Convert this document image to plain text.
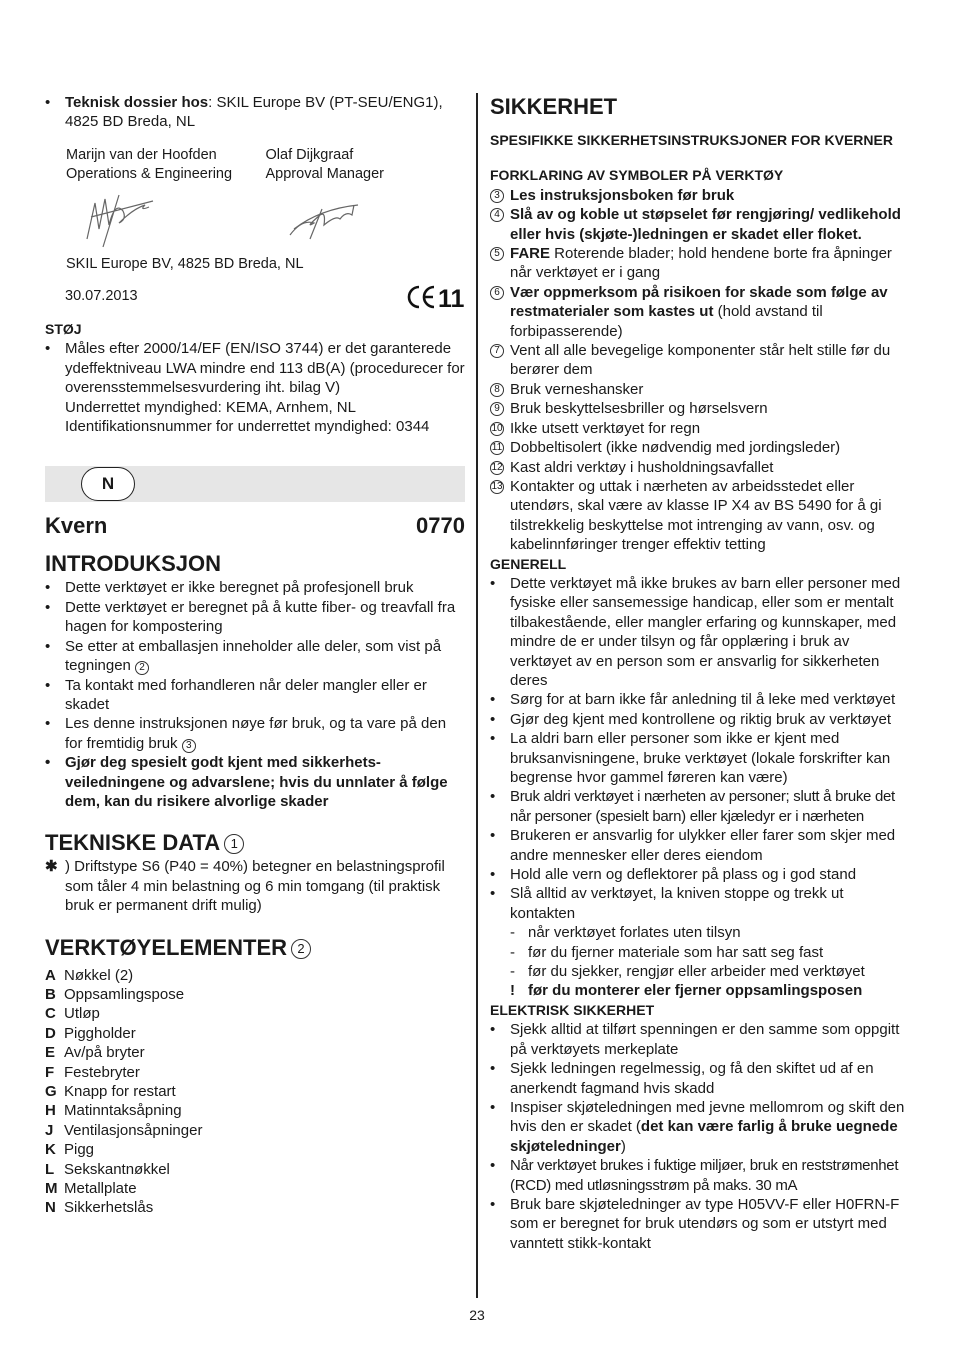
• Teknisk dossier hos: SKIL Europe BV (PT-SEU/ENG1), 4825 BD Breda, NL
Marijn van der Hoofden
Operations & Engineering
Olaf Dijkgraaf
Approval Manager
SKIL Europe BV, 4825 BD Breda, NL
30.07.2013	11
STØJ
• Måles efter 2000/14/EF (EN/ISO 3744) er det garanterede ydeffektniveau LWA mindre end 113 dB(A) (procedurecer for overensstemmelsesvurdering iht. bilag V)
Underrettet myndighed: KEMA, Arnhem, NL
Identifikationsnummer for underrettet myndighed: 0344
N
Kvern	0770
INTRODUKSJON
• Dette verktøyet er ikke beregnet på profesjonell bruk
• Dette verktøyet er beregnet på å kutte fiber- og treavfall fra hagen for kompostering
• Se etter at emballasjen inneholder alle deler, som vist på tegningen 2
• Ta kontakt med forhandleren når deler mangler eller er skadet
• Les denne instruksjonen nøye før bruk, og ta vare på den for fremtidig bruk 3
• Gjør deg spesielt godt kjent med sikkerhets-veiledningene og advarslene; hvis du unnlater å følge dem, kan du risikere alvorlige skader
TEKNISKE DATA 1
✱ ) Driftstype S6 (P40 = 40%) betegner en belastningsprofil som tåler 4 min belastning og 6 min tomgang (til praktisk bruk er permanent drift mulig)
VERKTØYELEMENTER 2
A Nøkkel (2)
B Oppsamlingspose
C Utløp
D Piggholder
E Av/på bryter
F Festebryter
G Knapp for restart
H Matinntaksåpning
J Ventilasjonsåpninger
K Pigg
L Sekskantnøkkel
M Metallplate
N Sikkerhetslås
SIKKERHET
SPESIFIKKE SIKKERHETSINSTRUKSJONER FOR KVERNER
FORKLARING AV SYMBOLER PÅ VERKTØY
3 Les instruksjonsboken før bruk
4 Slå av og koble ut støpselet før rengjøring/ vedlikehold eller hvis (skjøte-)ledningen er skadet eller floket.
5 FARE Roterende blader; hold hendene borte fra åpninger når verktøyet er i gang
6 Vær oppmerksom på risikoen for skade som følge av restmaterialer som kastes ut (hold avstand til forbipasserende)
7 Vent all alle bevegelige komponenter står helt stille før du berører dem
8 Bruk verneshansker
9 Bruk beskyttelsesbriller og hørselsvern
10 Ikke utsett verktøyet for regn
11 Dobbeltisolert (ikke nødvendig med jordingsleder)
12 Kast aldri verktøy i husholdningsavfallet
13 Kontakter og uttak i nærheten av arbeidsstedet eller utendørs, skal være av klasse IP X4 av BS 5490 for å gi tilstrekkelig beskyttelse mot intrenging av vann, osv. og kabelinnføringer trenger effektiv tetting
GENERELL
• Dette verktøyet må ikke brukes av barn eller personer med fysiske eller sansemessige handicap, eller som er mentalt tilbakestående, eller mangler erfaring og kunnskaper, med mindre de er under tilsyn og får opplæring i bruk av verktøyet av en person som er ansvarlig for sikkerheten deres
• Sørg for at barn ikke får anledning til å leke med verktøyet
• Gjør deg kjent med kontrollene og riktig bruk av verktøyet
• La aldri barn eller personer som ikke er kjent med bruksanvisningene, bruke verktøyet (lokale forskrifter kan begrense hvor gammel føreren kan være)
• Bruk aldri verktøyet i nærheten av personer; slutt å bruke det når personer (spesielt barn) eller kjæledyr er i nærheten
• Brukeren er ansvarlig for ulykker eller farer som skjer med andre mennesker eller deres eiendom
• Hold alle vern og deflektorer på plass og i god stand
• Slå alltid av verktøyet, la kniven stoppe og trekk ut kontakten
- når verktøyet forlates uten tilsyn
- før du fjerner materiale som har satt seg fast
- før du sjekker, rengjør eller arbeider med verktøyet
! før du monterer eler fjerner oppsamlingsposen
ELEKTRISK SIKKERHET
• Sjekk alltid at tilført spenningen er den samme som oppgitt på verktøyets merkeplate
• Sjekk ledningen regelmessig, og få den skiftet ud af en anerkendt fagmand hvis skadd
• Inspiser skjøteledningen med jevne mellomrom og skift den hvis den er skadet (det kan være farlig å bruke uegnede skjøteledninger)
• Når verktøyet brukes i fuktige miljøer, bruk en reststrømenhet (RCD) med utløsningsstrøm på maks. 30 mA
• Bruk bare skjøteledninger av type H05VV-F eller H0FRN-F som er beregnet for bruk utendørs og som er utstyrt med vanntett stikk-kontakt
23
